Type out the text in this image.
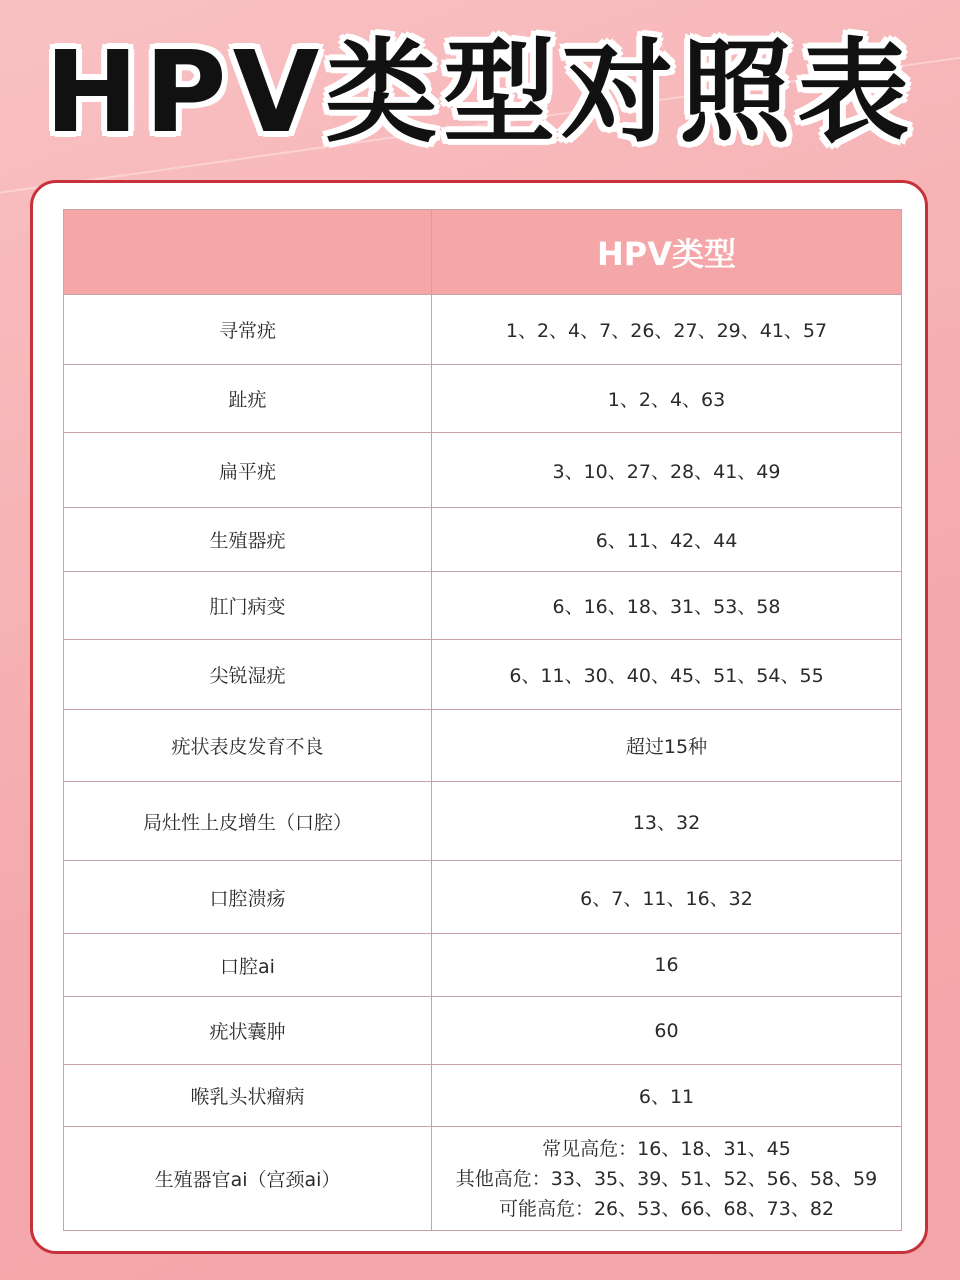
HPV类型对照表
	HPV类型
寻常疣	1、2、4、7、26、27、29、41、57
趾疣	1、2、4、63
扁平疣	3、10、27、28、41、49
生殖器疣	6、11、42、44
肛门病变	6、16、18、31、53、58
尖锐湿疣	6、11、30、40、45、51、54、55
疣状表皮发育不良	超过15种
局灶性上皮增生（口腔）	13、32
口腔溃疡	6、7、11、16、32
口腔ai	16
疣状囊肿	60
喉乳头状瘤病	6、11
生殖器官ai（宫颈ai）	常见高危：16、18、31、45
其他高危：33、35、39、51、52、56、58、59
可能高危：26、53、66、68、73、82
